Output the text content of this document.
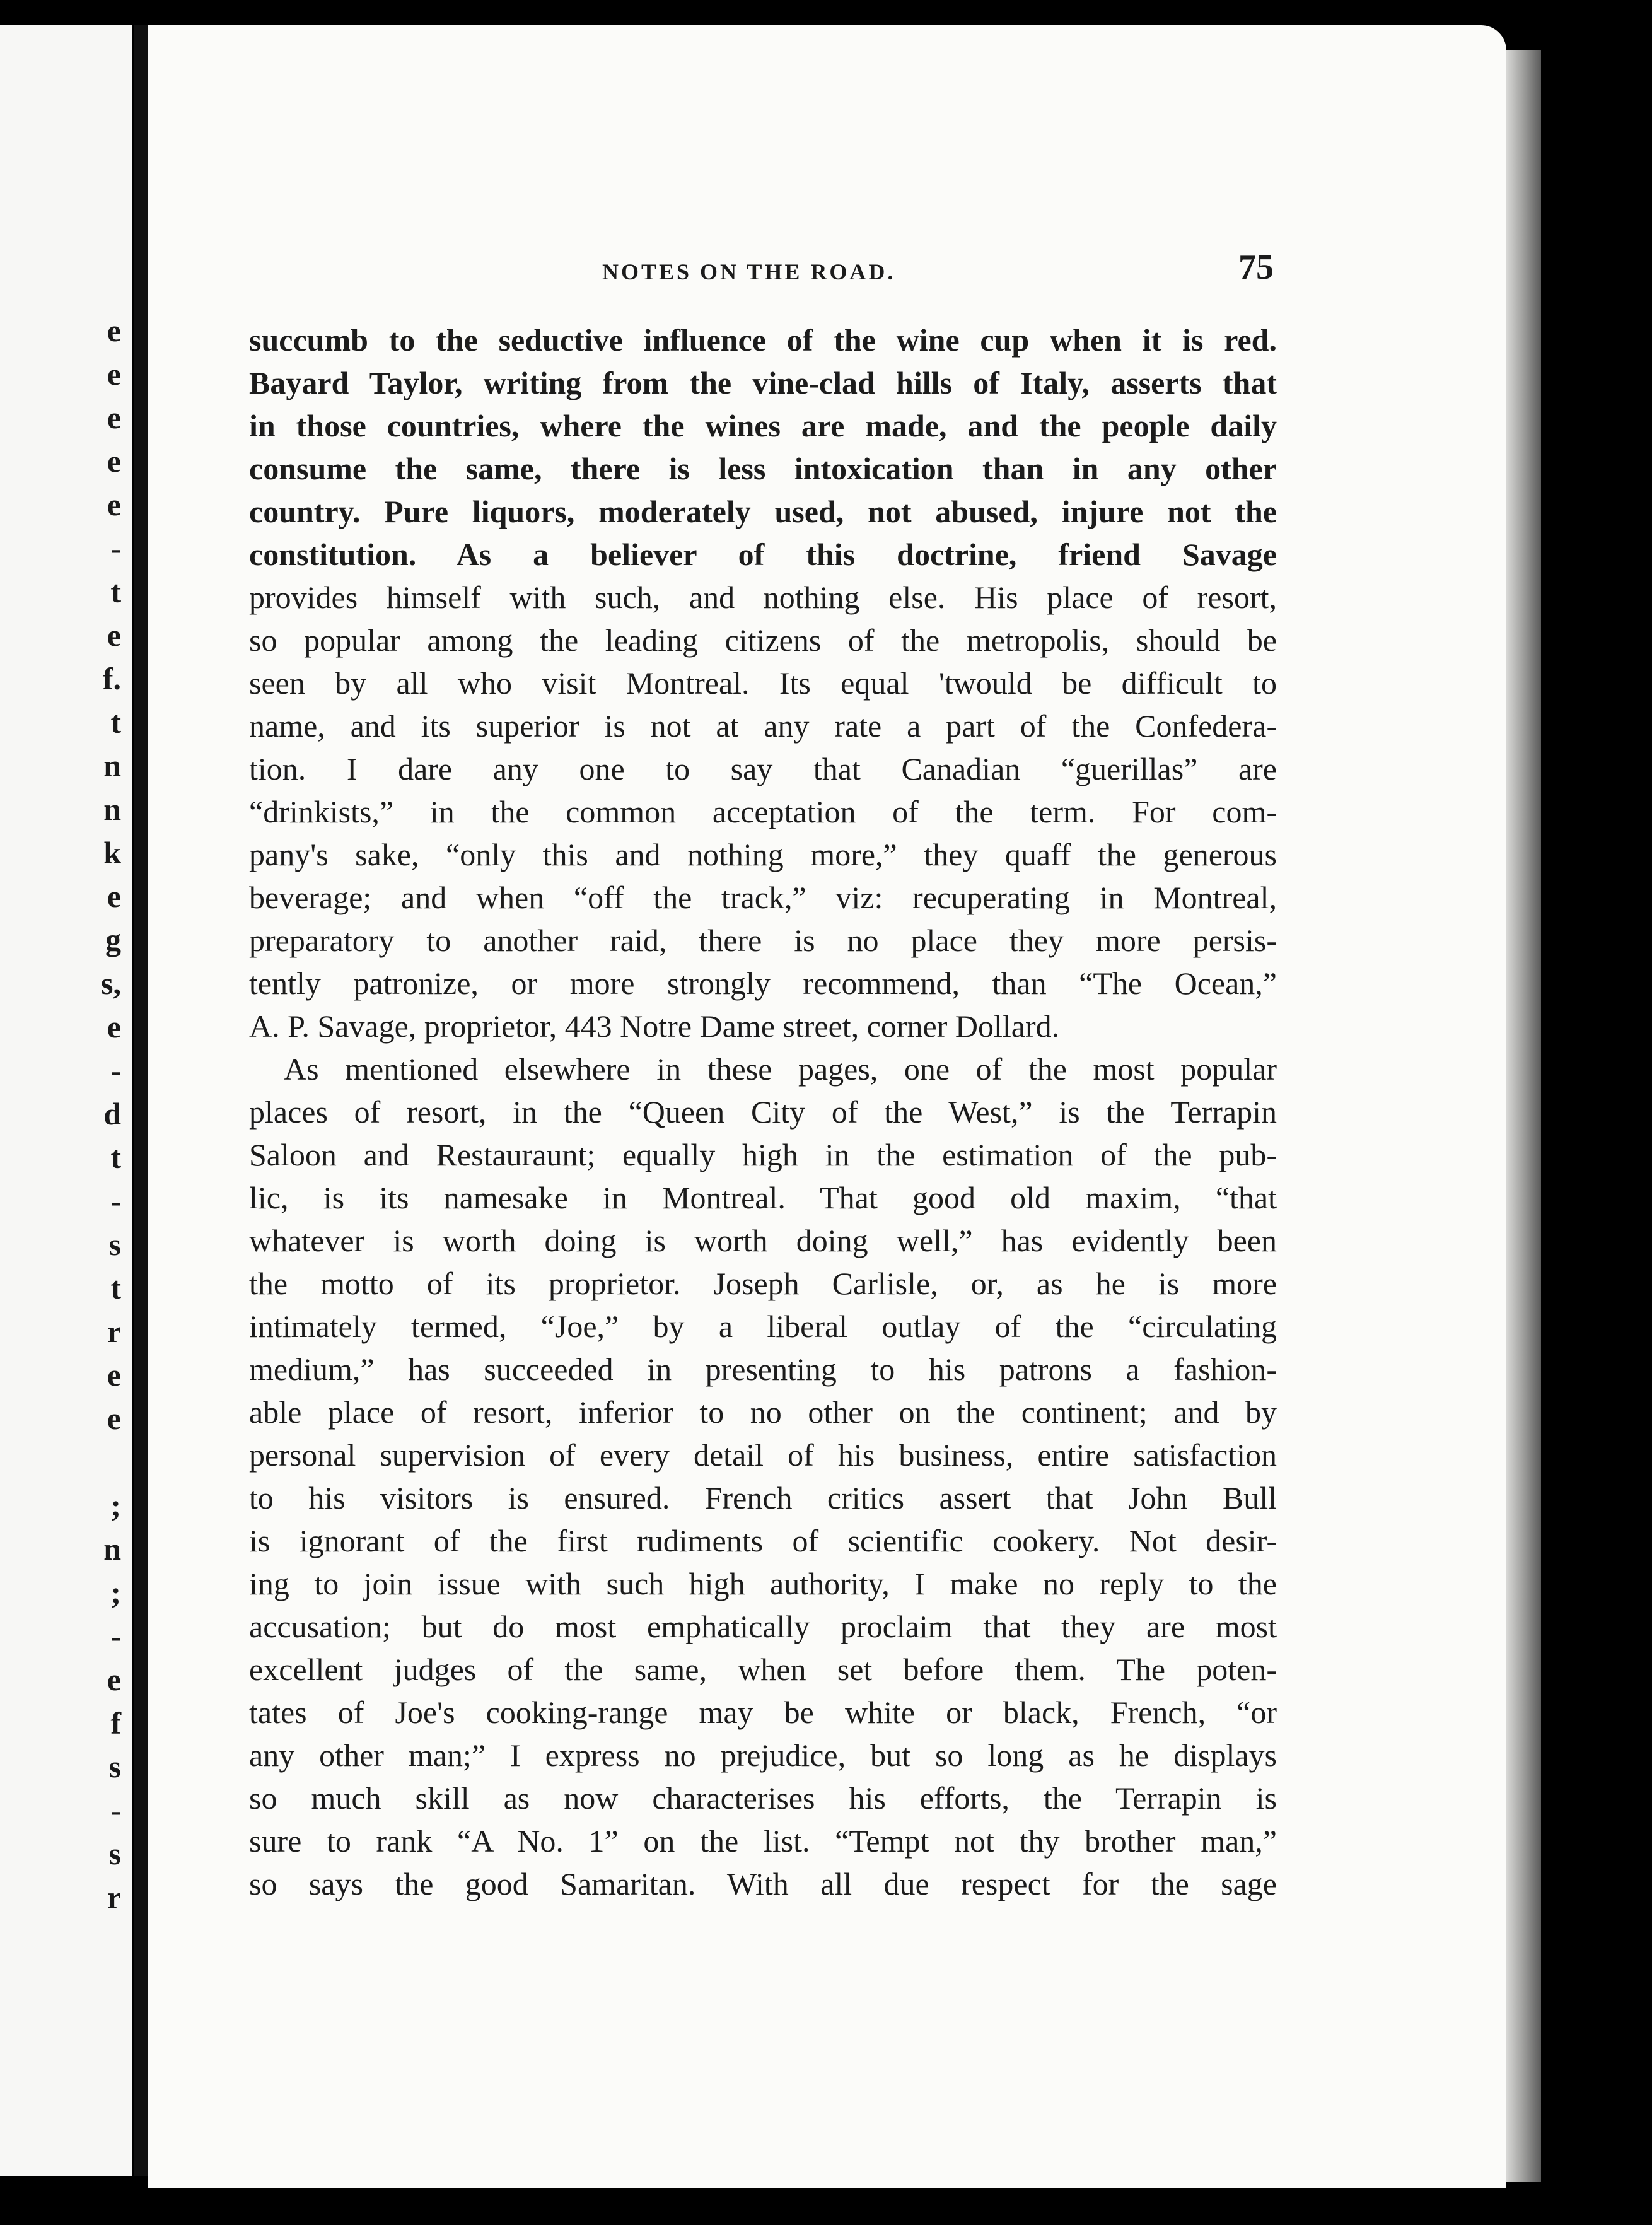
e
e
e
e
e
-
t
e
f.
t
n
n
k
e
g
s,
e
-
d
t
-
s
t
r
e
e
;
n
;
-
e
f
s
-
s
r
NOTES ON THE ROAD.	75
succumb to the seductive influence of the wine cup when it is red.
Bayard Taylor, writing from the vine-clad hills of Italy, asserts that
in those countries, where the wines are made, and the people daily
consume the same, there is less intoxication than in any other
country. Pure liquors, moderately used, not abused, injure not the
constitution. As a believer of this doctrine, friend Savage
provides himself with such, and nothing else. His place of resort,
so popular among the leading citizens of the metropolis, should be
seen by all who visit Montreal. Its equal 'twould be difficult to
name, and its superior is not at any rate a part of the Confedera-
tion. I dare any one to say that Canadian “guerillas” are
“drinkists,” in the common acceptation of the term. For com-
pany's sake, “only this and nothing more,” they quaff the generous
beverage; and when “off the track,” viz: recuperating in Montreal,
preparatory to another raid, there is no place they more persis-
tently patronize, or more strongly recommend, than “The Ocean,”
A. P. Savage, proprietor, 443 Notre Dame street, corner Dollard.
As mentioned elsewhere in these pages, one of the most popular
places of resort, in the “Queen City of the West,” is the Terrapin
Saloon and Restauraunt; equally high in the estimation of the pub-
lic, is its namesake in Montreal. That good old maxim, “that
whatever is worth doing is worth doing well,” has evidently been
the motto of its proprietor. Joseph Carlisle, or, as he is more
intimately termed, “Joe,” by a liberal outlay of the “circulating
medium,” has succeeded in presenting to his patrons a fashion-
able place of resort, inferior to no other on the continent; and by
personal supervision of every detail of his business, entire satisfaction
to his visitors is ensured. French critics assert that John Bull
is ignorant of the first rudiments of scientific cookery. Not desir-
ing to join issue with such high authority, I make no reply to the
accusation; but do most emphatically proclaim that they are most
excellent judges of the same, when set before them. The poten-
tates of Joe's cooking-range may be white or black, French, “or
any other man;” I express no prejudice, but so long as he displays
so much skill as now characterises his efforts, the Terrapin is
sure to rank “A No. 1” on the list. “Tempt not thy brother man,”
so says the good Samaritan. With all due respect for the sage
